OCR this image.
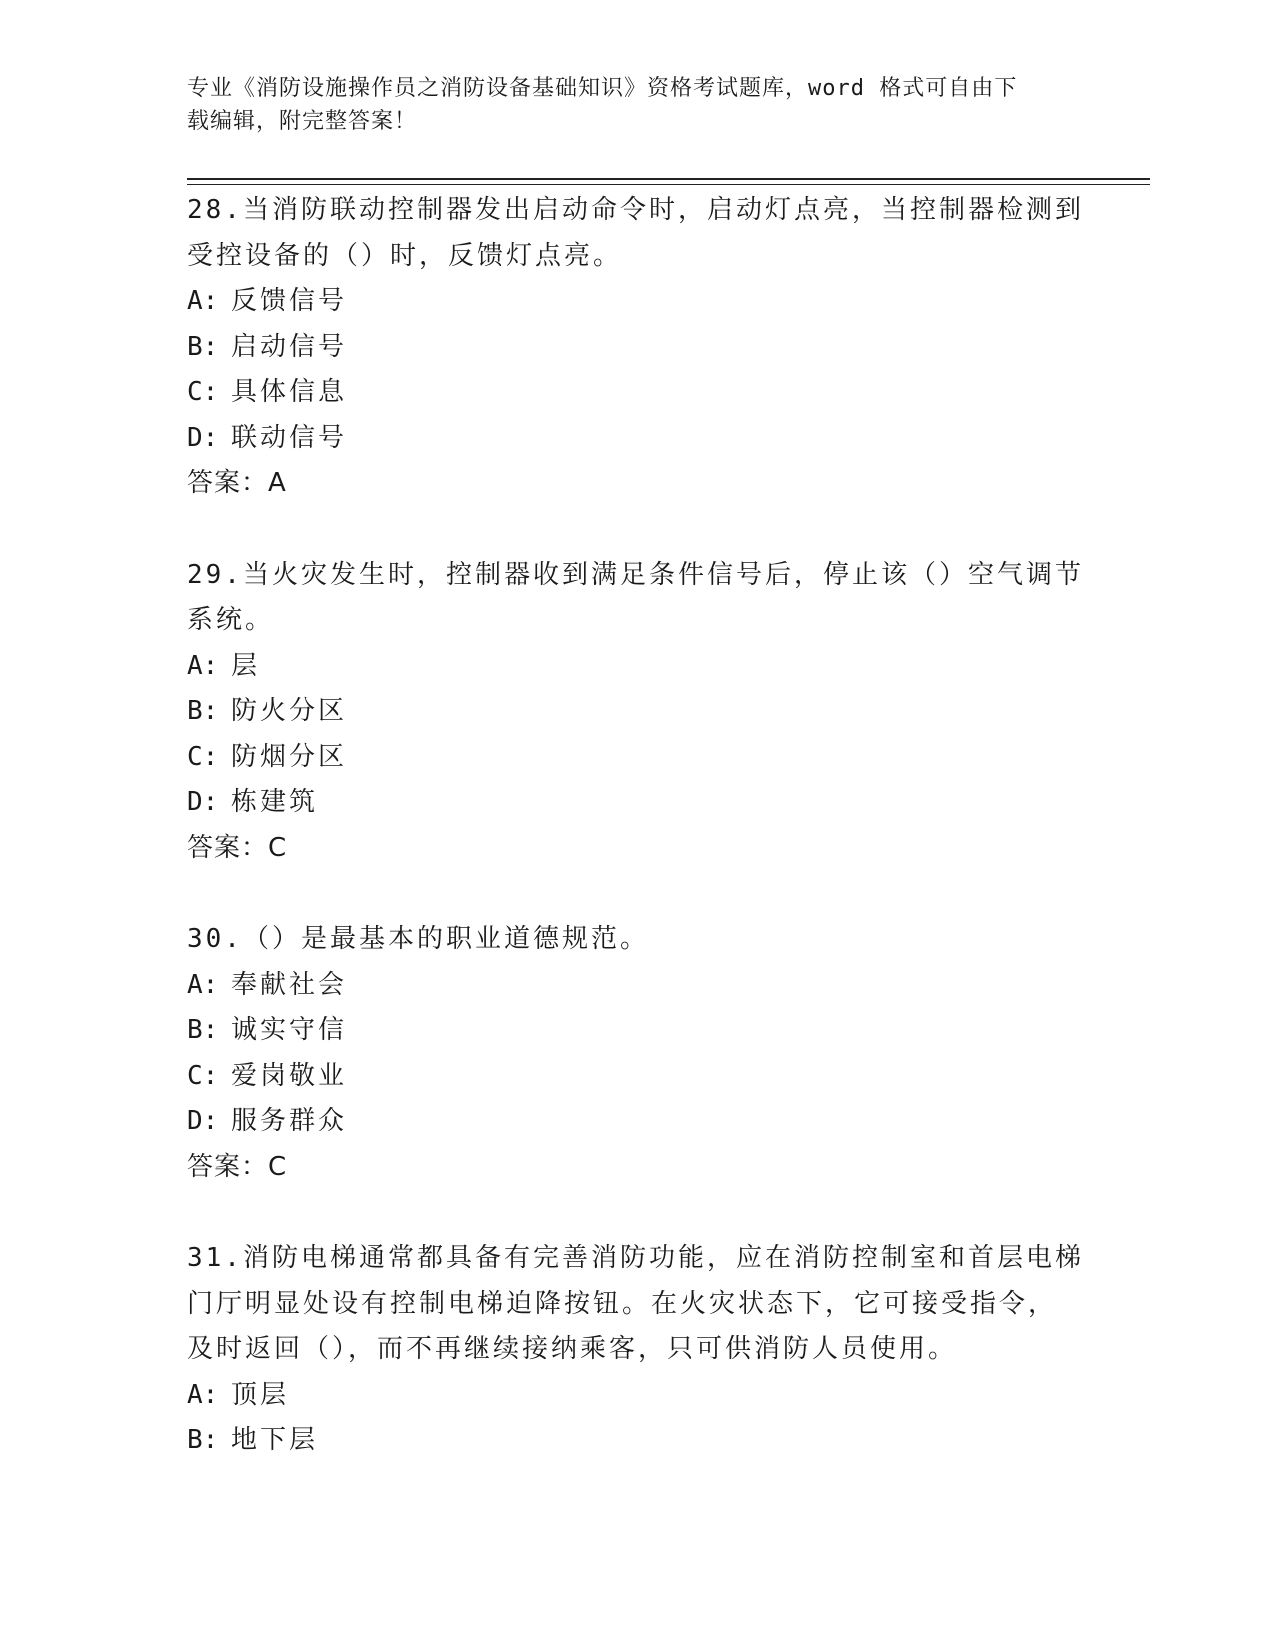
专业《消防设施操作员之消防设备基础知识》资格考试题库，word 格式可自由下
载编辑，附完整答案！
28.当消防联动控制器发出启动命令时，启动灯点亮，当控制器检测到
受控设备的（）时，反馈灯点亮。
A: 反馈信号
B: 启动信号
C: 具体信息
D: 联动信号
答案：A
29.当火灾发生时，控制器收到满足条件信号后，停止该（）空气调节
系统。
A: 层
B: 防火分区
C: 防烟分区
D: 栋建筑
答案：C
30.（）是最基本的职业道德规范。
A: 奉献社会
B: 诚实守信
C: 爱岗敬业
D: 服务群众
答案：C
31.消防电梯通常都具备有完善消防功能，应在消防控制室和首层电梯
门厅明显处设有控制电梯迫降按钮。在火灾状态下，它可接受指令，
及时返回（），而不再继续接纳乘客，只可供消防人员使用。
A: 顶层
B: 地下层
